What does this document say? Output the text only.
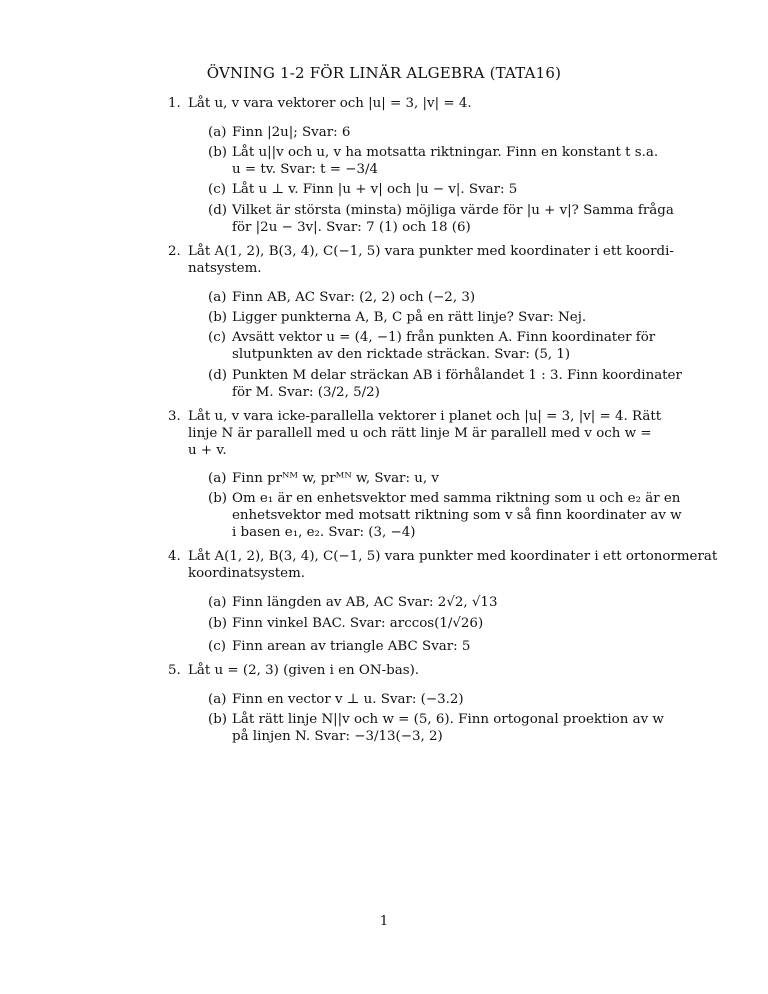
ÖVNING 1-2 FÖR LINÄR ALGEBRA (TATA16)
1. Låt u, v vara vektorer och |u| = 3, |v| = 4.
(a) Finn |2u|; Svar: 6
(b) Låt u||v och u, v ha motsatta riktningar. Finn en konstant t s.a.
u = tv. Svar: t = −3/4
(c) Låt u ⊥ v. Finn |u + v| och |u − v|. Svar: 5
(d) Vilket är största (minsta) möjliga värde för |u + v|? Samma fråga
för |2u − 3v|. Svar: 7 (1) och 18 (6)
2. Låt A(1, 2), B(3, 4), C(−1, 5) vara punkter med koordinater i ett koordi-
natsystem.
(a) Finn AB, AC Svar: (2, 2) och (−2, 3)
(b) Ligger punkterna A, B, C på en rätt linje? Svar: Nej.
(c) Avsätt vektor u = (4, −1) från punkten A. Finn koordinater för
slutpunkten av den ricktade sträckan. Svar: (5, 1)
(d) Punkten M delar sträckan AB i förhålandet 1 : 3. Finn koordinater
för M. Svar: (3/2, 5/2)
3. Låt u, v vara icke-parallella vektorer i planet och |u| = 3, |v| = 4. Rätt
linje N är parallell med u och rätt linje M är parallell med v och w =
u + v.
(a) Finn prᴺᴹ w, prᴹᴺ w, Svar: u, v
(b) Om e₁ är en enhetsvektor med samma riktning som u och e₂ är en
enhetsvektor med motsatt riktning som v så finn koordinater av w
i basen e₁, e₂. Svar: (3, −4)
4. Låt A(1, 2), B(3, 4), C(−1, 5) vara punkter med koordinater i ett ortonormerat
koordinatsystem.
(a) Finn längden av AB, AC Svar: 2√2, √13
(b) Finn vinkel BAC. Svar: arccos(1/√26)
(c) Finn arean av triangle ABC Svar: 5
5. Låt u = (2, 3) (given i en ON-bas).
(a) Finn en vector v ⊥ u. Svar: (−3.2)
(b) Låt rätt linje N||v och w = (5, 6). Finn ortogonal proektion av w
på linjen N. Svar: −3/13(−3, 2)
1
